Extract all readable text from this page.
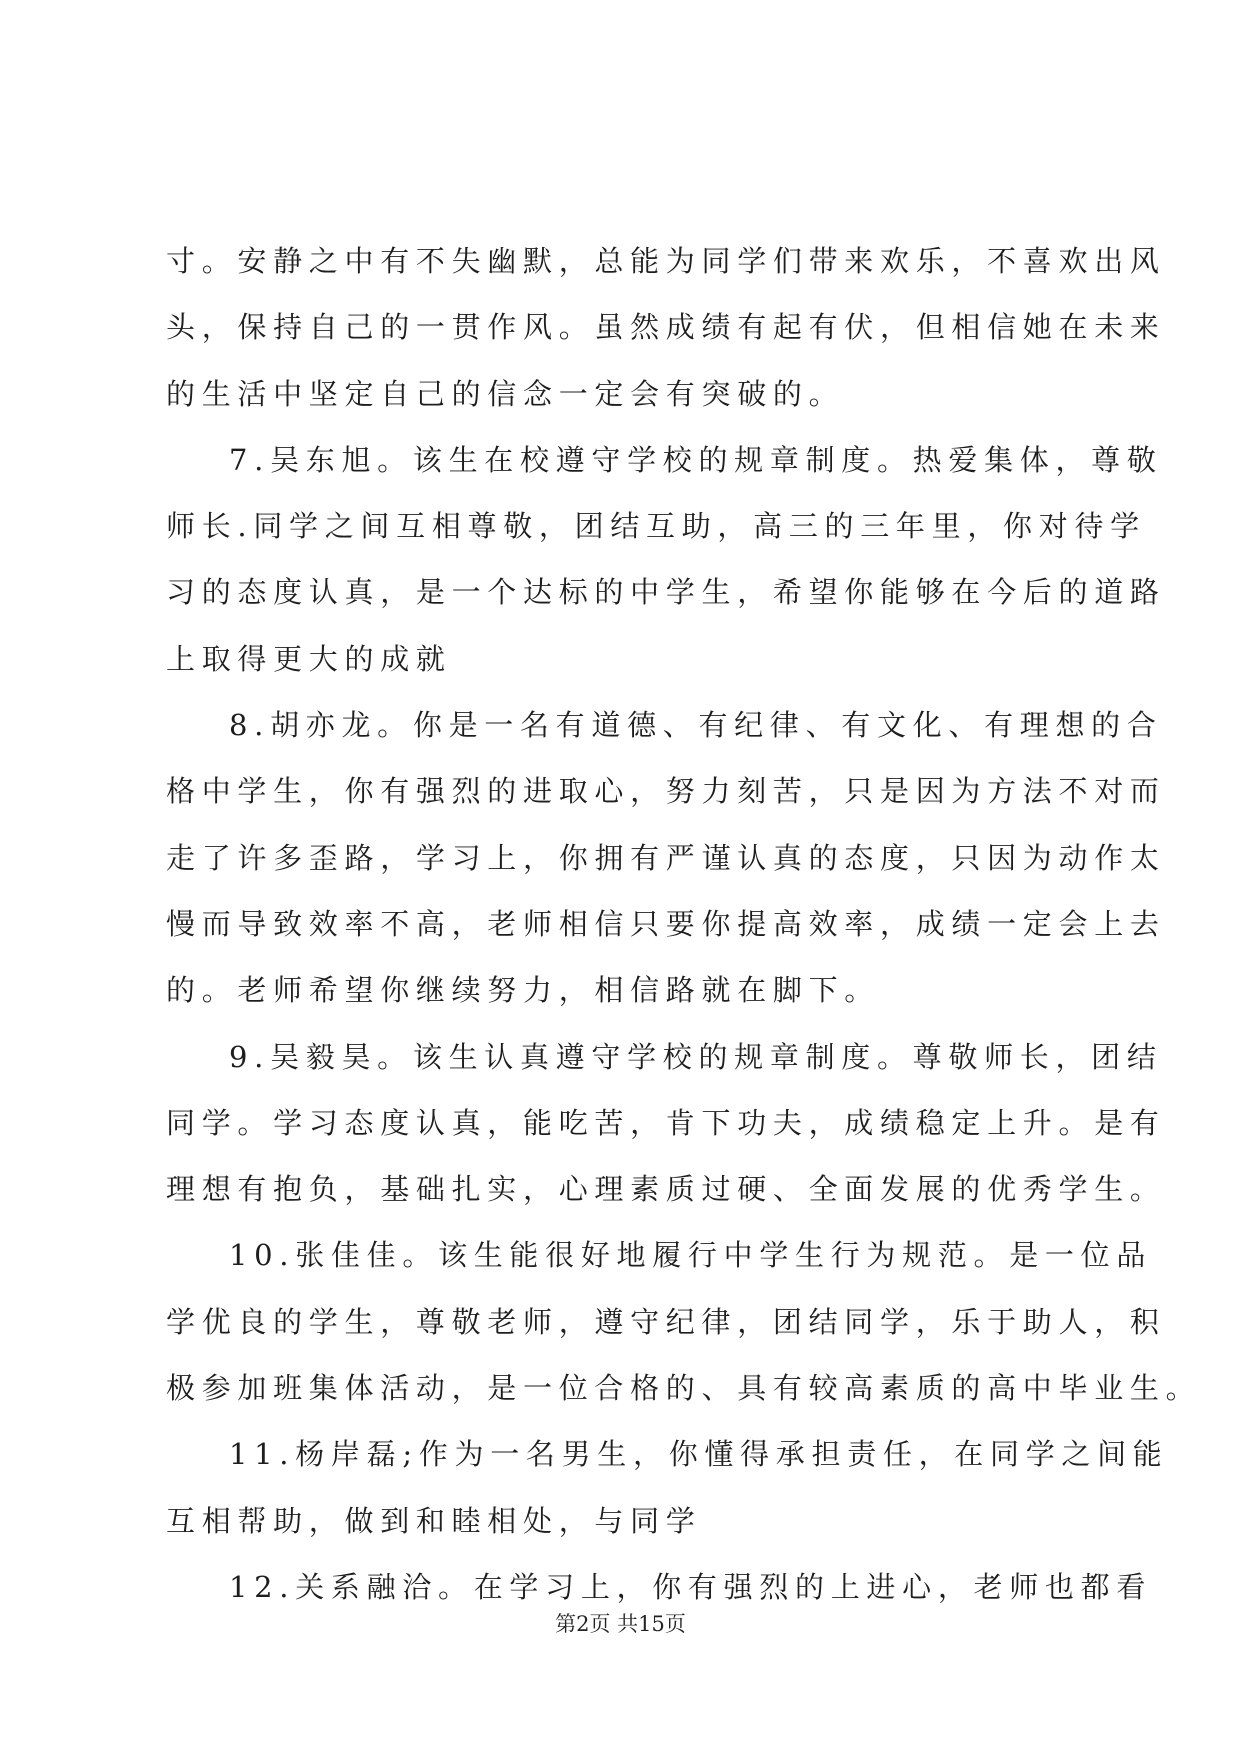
寸。安静之中有不失幽默，总能为同学们带来欢乐，不喜欢出风
头，保持自己的一贯作风。虽然成绩有起有伏，但相信她在未来
的生活中坚定自己的信念一定会有突破的。
7.吴东旭。该生在校遵守学校的规章制度。热爱集体，尊敬
师长.同学之间互相尊敬，团结互助，高三的三年里，你对待学
习的态度认真，是一个达标的中学生，希望你能够在今后的道路
上取得更大的成就
8.胡亦龙。你是一名有道德、有纪律、有文化、有理想的合
格中学生，你有强烈的进取心，努力刻苦，只是因为方法不对而
走了许多歪路，学习上，你拥有严谨认真的态度，只因为动作太
慢而导致效率不高，老师相信只要你提高效率，成绩一定会上去
的。老师希望你继续努力，相信路就在脚下。
9.吴毅昊。该生认真遵守学校的规章制度。尊敬师长，团结
同学。学习态度认真，能吃苦，肯下功夫，成绩稳定上升。是有
理想有抱负，基础扎实，心理素质过硬、全面发展的优秀学生。
10.张佳佳。该生能很好地履行中学生行为规范。是一位品
学优良的学生，尊敬老师，遵守纪律，团结同学，乐于助人，积
极参加班集体活动，是一位合格的、具有较高素质的高中毕业生。
11.杨岸磊;作为一名男生，你懂得承担责任，在同学之间能
互相帮助，做到和睦相处，与同学
12.关系融洽。在学习上，你有强烈的上进心，老师也都看
第2页 共15页
